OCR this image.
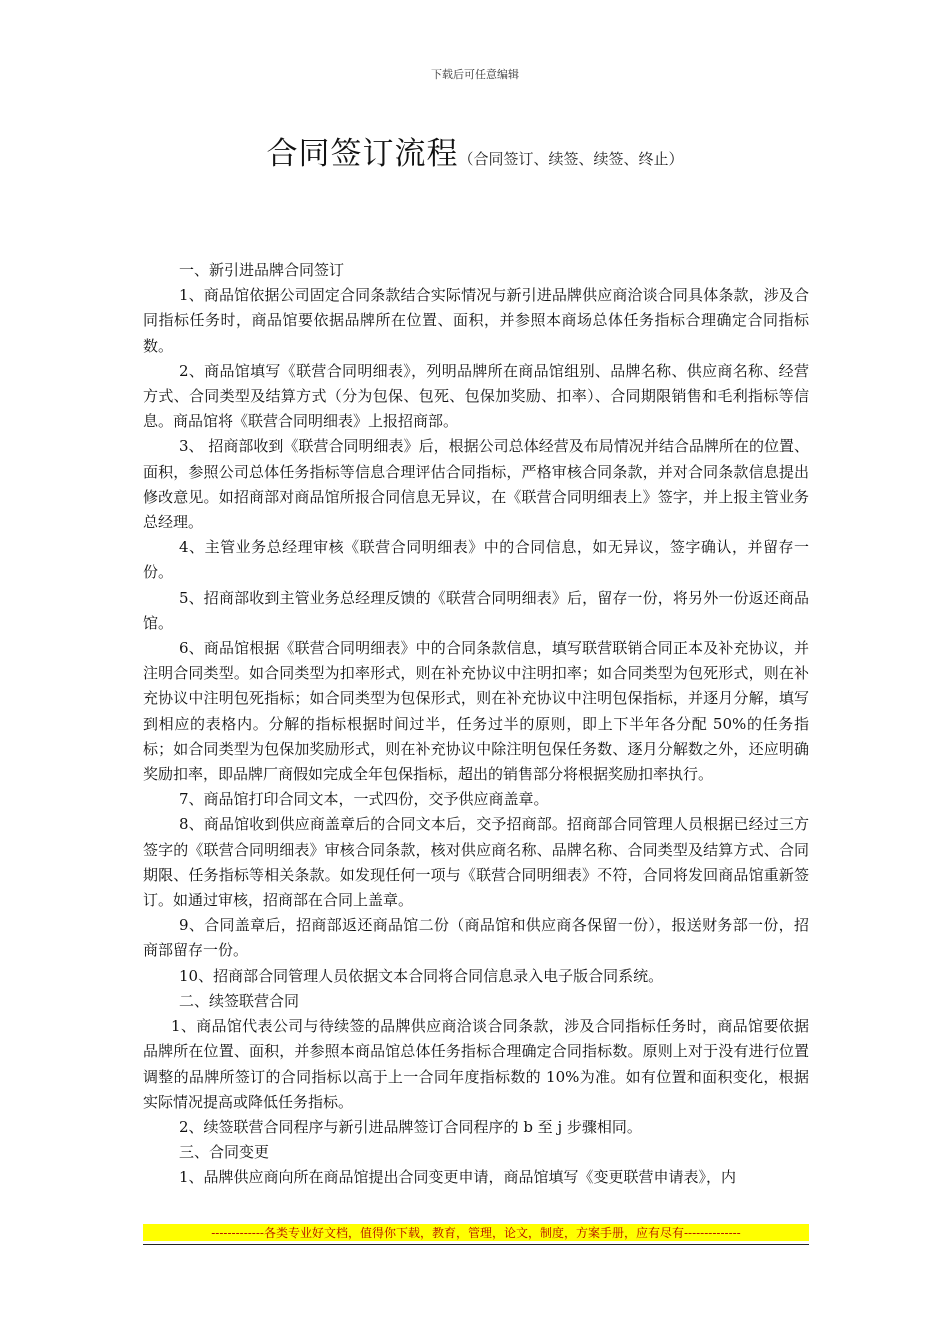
下载后可任意编辑
合同签订流程（合同签订、续签、续签、终止）

一、新引进品牌合同签订

1、商品馆依据公司固定合同条款结合实际情况与新引进品牌供应商洽谈合同具体条款，涉及合同指标任务时，商品馆要依据品牌所在位置、面积，并参照本商场总体任务指标合理确定合同指标数。

2、商品馆填写《联营合同明细表》，列明品牌所在商品馆组别、品牌名称、供应商名称、经营方式、合同类型及结算方式（分为包保、包死、包保加奖励、扣率）、合同期限销售和毛利指标等信息。商品馆将《联营合同明细表》上报招商部。

3、 招商部收到《联营合同明细表》后，根据公司总体经营及布局情况并结合品牌所在的位置、面积，参照公司总体任务指标等信息合理评估合同指标，严格审核合同条款，并对合同条款信息提出修改意见。如招商部对商品馆所报合同信息无异议，在《联营合同明细表上》签字，并上报主管业务总经理。

4、主管业务总经理审核《联营合同明细表》中的合同信息，如无异议，签字确认，并留存一份。

5、招商部收到主管业务总经理反馈的《联营合同明细表》后，留存一份，将另外一份返还商品馆。

6、商品馆根据《联营合同明细表》中的合同条款信息，填写联营联销合同正本及补充协议，并注明合同类型。如合同类型为扣率形式，则在补充协议中注明扣率；如合同类型为包死形式，则在补充协议中注明包死指标；如合同类型为包保形式，则在补充协议中注明包保指标，并逐月分解，填写到相应的表格内。分解的指标根据时间过半，任务过半的原则，即上下半年各分配 50%的任务指标；如合同类型为包保加奖励形式，则在补充协议中除注明包保任务数、逐月分解数之外，还应明确奖励扣率，即品牌厂商假如完成全年包保指标，超出的销售部分将根据奖励扣率执行。

7、商品馆打印合同文本，一式四份，交予供应商盖章。

8、商品馆收到供应商盖章后的合同文本后，交予招商部。招商部合同管理人员根据已经过三方签字的《联营合同明细表》审核合同条款，核对供应商名称、品牌名称、合同类型及结算方式、合同期限、任务指标等相关条款。如发现任何一项与《联营合同明细表》不符，合同将发回商品馆重新签订。如通过审核，招商部在合同上盖章。

9、合同盖章后，招商部返还商品馆二份（商品馆和供应商各保留一份），报送财务部一份，招商部留存一份。

10、招商部合同管理人员依据文本合同将合同信息录入电子版合同系统。

二、续签联营合同

1、商品馆代表公司与待续签的品牌供应商洽谈合同条款，涉及合同指标任务时，商品馆要依据品牌所在位置、面积，并参照本商品馆总体任务指标合理确定合同指标数。原则上对于没有进行位置调整的品牌所签订的合同指标以高于上一合同年度指标数的 10%为准。如有位置和面积变化，根据实际情况提高或降低任务指标。

2、续签联营合同程序与新引进品牌签订合同程序的 b 至 j 步骤相同。

三、合同变更

1、品牌供应商向所在商品馆提出合同变更申请，商品馆填写《变更联营申请表》，内

-------------各类专业好文档，值得你下载，教育，管理，论文，制度，方案手册，应有尽有--------------
